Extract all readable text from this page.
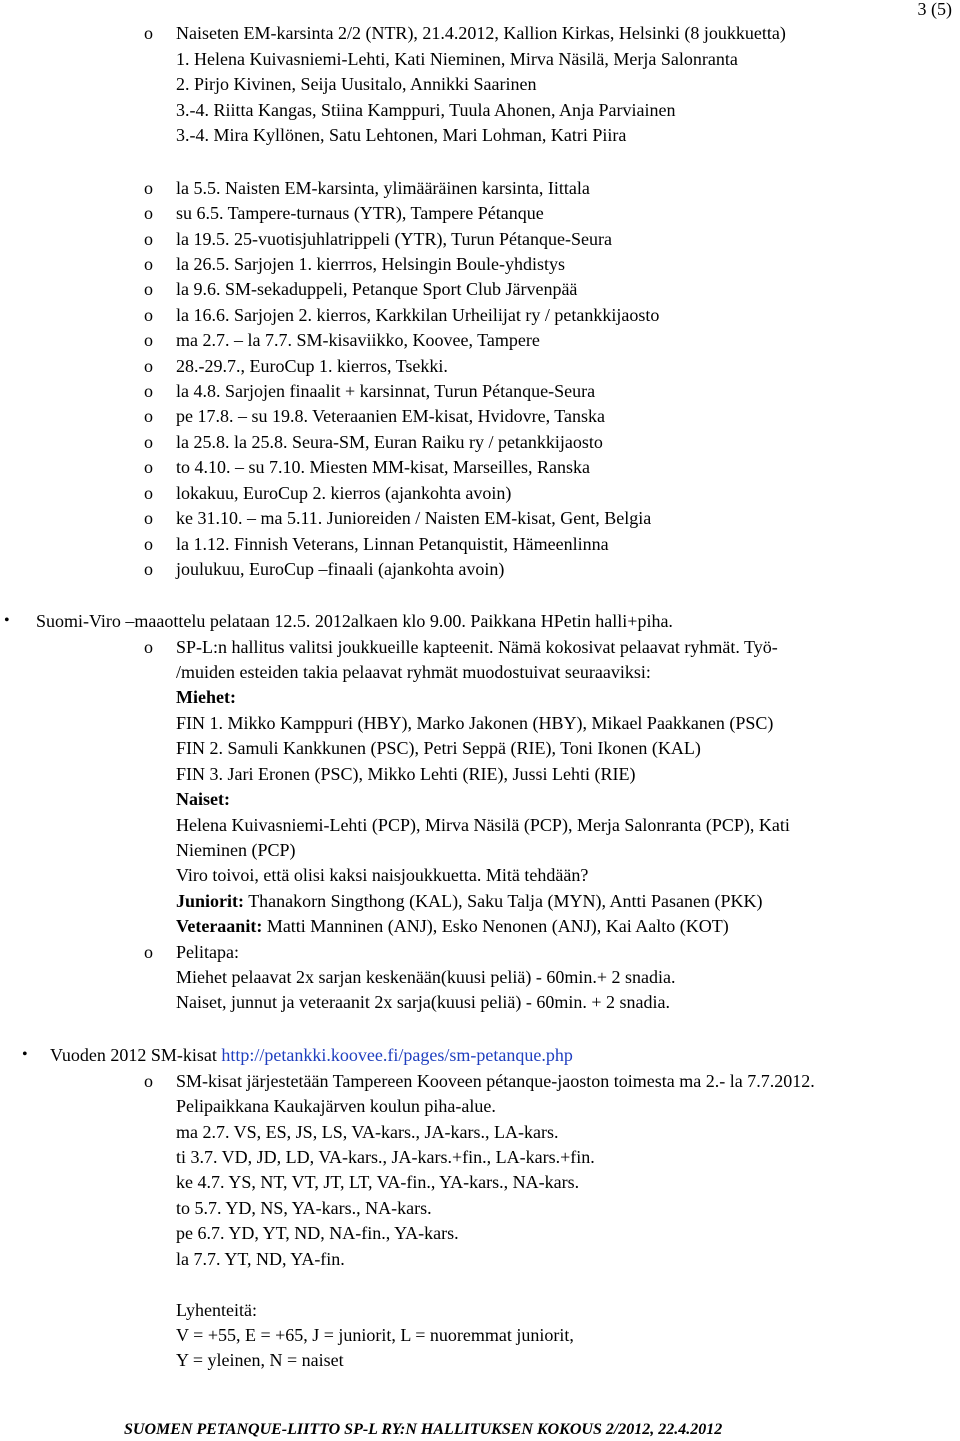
3 (5)
o Naiseten EM-karsinta 2/2 (NTR), 21.4.2012, Kallion Kirkas, Helsinki (8 joukkuetta)
1. Helena Kuivasniemi-Lehti, Kati Nieminen, Mirva Näsilä, Merja Salonranta
2. Pirjo Kivinen, Seija Uusitalo, Annikki Saarinen
3.-4. Riitta Kangas, Stiina Kamppuri, Tuula Ahonen, Anja Parviainen
3.-4. Mira Kyllönen, Satu Lehtonen, Mari Lohman, Katri Piira
o la 5.5. Naisten EM-karsinta, ylimääräinen karsinta, Iittala
o su 6.5. Tampere-turnaus (YTR), Tampere Pétanque
o la 19.5. 25-vuotisjuhlatrippeli (YTR), Turun Pétanque-Seura
o la 26.5. Sarjojen 1. kierrros, Helsingin Boule-yhdistys
o la 9.6. SM-sekaduppeli, Petanque Sport Club Järvenpää
o la 16.6. Sarjojen 2. kierros, Karkkilan Urheilijat ry / petankkijaosto
o ma 2.7. – la 7.7. SM-kisaviikko, Koovee, Tampere
o 28.-29.7., EuroCup 1. kierros, Tsekki.
o la 4.8. Sarjojen finaalit + karsinnat, Turun Pétanque-Seura
o pe 17.8. – su 19.8. Veteraanien EM-kisat, Hvidovre, Tanska
o la 25.8. la 25.8. Seura-SM, Euran Raiku ry / petankkijaosto
o to 4.10. – su 7.10. Miesten MM-kisat, Marseilles, Ranska
o lokakuu, EuroCup 2. kierros (ajankohta avoin)
o ke 31.10. – ma 5.11. Junioreiden / Naisten EM-kisat, Gent, Belgia
o la 1.12. Finnish Veterans, Linnan Petanquistit, Hämeenlinna
o joulukuu, EuroCup –finaali (ajankohta avoin)
• Suomi-Viro –maaottelu pelataan 12.5. 2012alkaen klo 9.00. Paikkana HPetin halli+piha.
o SP-L:n hallitus valitsi joukkueille kapteenit. Nämä kokosivat pelaavat ryhmät. Työ-
/muiden esteiden takia pelaavat ryhmät muodostuivat seuraaviksi:
Miehet:
FIN 1. Mikko Kamppuri (HBY), Marko Jakonen (HBY), Mikael Paakkanen (PSC)
FIN 2. Samuli Kankkunen (PSC), Petri Seppä (RIE), Toni Ikonen (KAL)
FIN 3. Jari Eronen (PSC), Mikko Lehti (RIE), Jussi Lehti (RIE)
Naiset:
Helena Kuivasniemi-Lehti (PCP), Mirva Näsilä (PCP), Merja Salonranta (PCP), Kati
Nieminen (PCP)
Viro toivoi, että olisi kaksi naisjoukkuetta. Mitä tehdään?
Juniorit: Thanakorn Singthong (KAL), Saku Talja (MYN), Antti Pasanen (PKK)
Veteraanit: Matti Manninen (ANJ), Esko Nenonen (ANJ), Kai Aalto (KOT)
o Pelitapa:
Miehet pelaavat 2x sarjan keskenään(kuusi peliä) - 60min.+ 2 snadia.
Naiset, junnut ja veteraanit 2x sarja(kuusi peliä) - 60min. + 2 snadia.
• Vuoden 2012 SM-kisat http://petankki.koovee.fi/pages/sm-petanque.php
o SM-kisat järjestetään Tampereen Kooveen pétanque-jaoston toimesta ma 2.- la 7.7.2012.
Pelipaikkana Kaukajärven koulun piha-alue.
ma 2.7. VS, ES, JS, LS, VA-kars., JA-kars., LA-kars.
ti 3.7. VD, JD, LD, VA-kars., JA-kars.+fin., LA-kars.+fin.
ke 4.7. YS, NT, VT, JT, LT, VA-fin., YA-kars., NA-kars.
to 5.7. YD, NS, YA-kars., NA-kars.
pe 6.7. YD, YT, ND, NA-fin., YA-kars.
la 7.7. YT, ND, YA-fin.
Lyhenteitä:
V = +55, E = +65, J = juniorit, L = nuoremmat juniorit,
Y = yleinen, N = naiset
SUOMEN PETANQUE-LIITTO SP-L RY:N HALLITUKSEN KOKOUS 2/2012, 22.4.2012
